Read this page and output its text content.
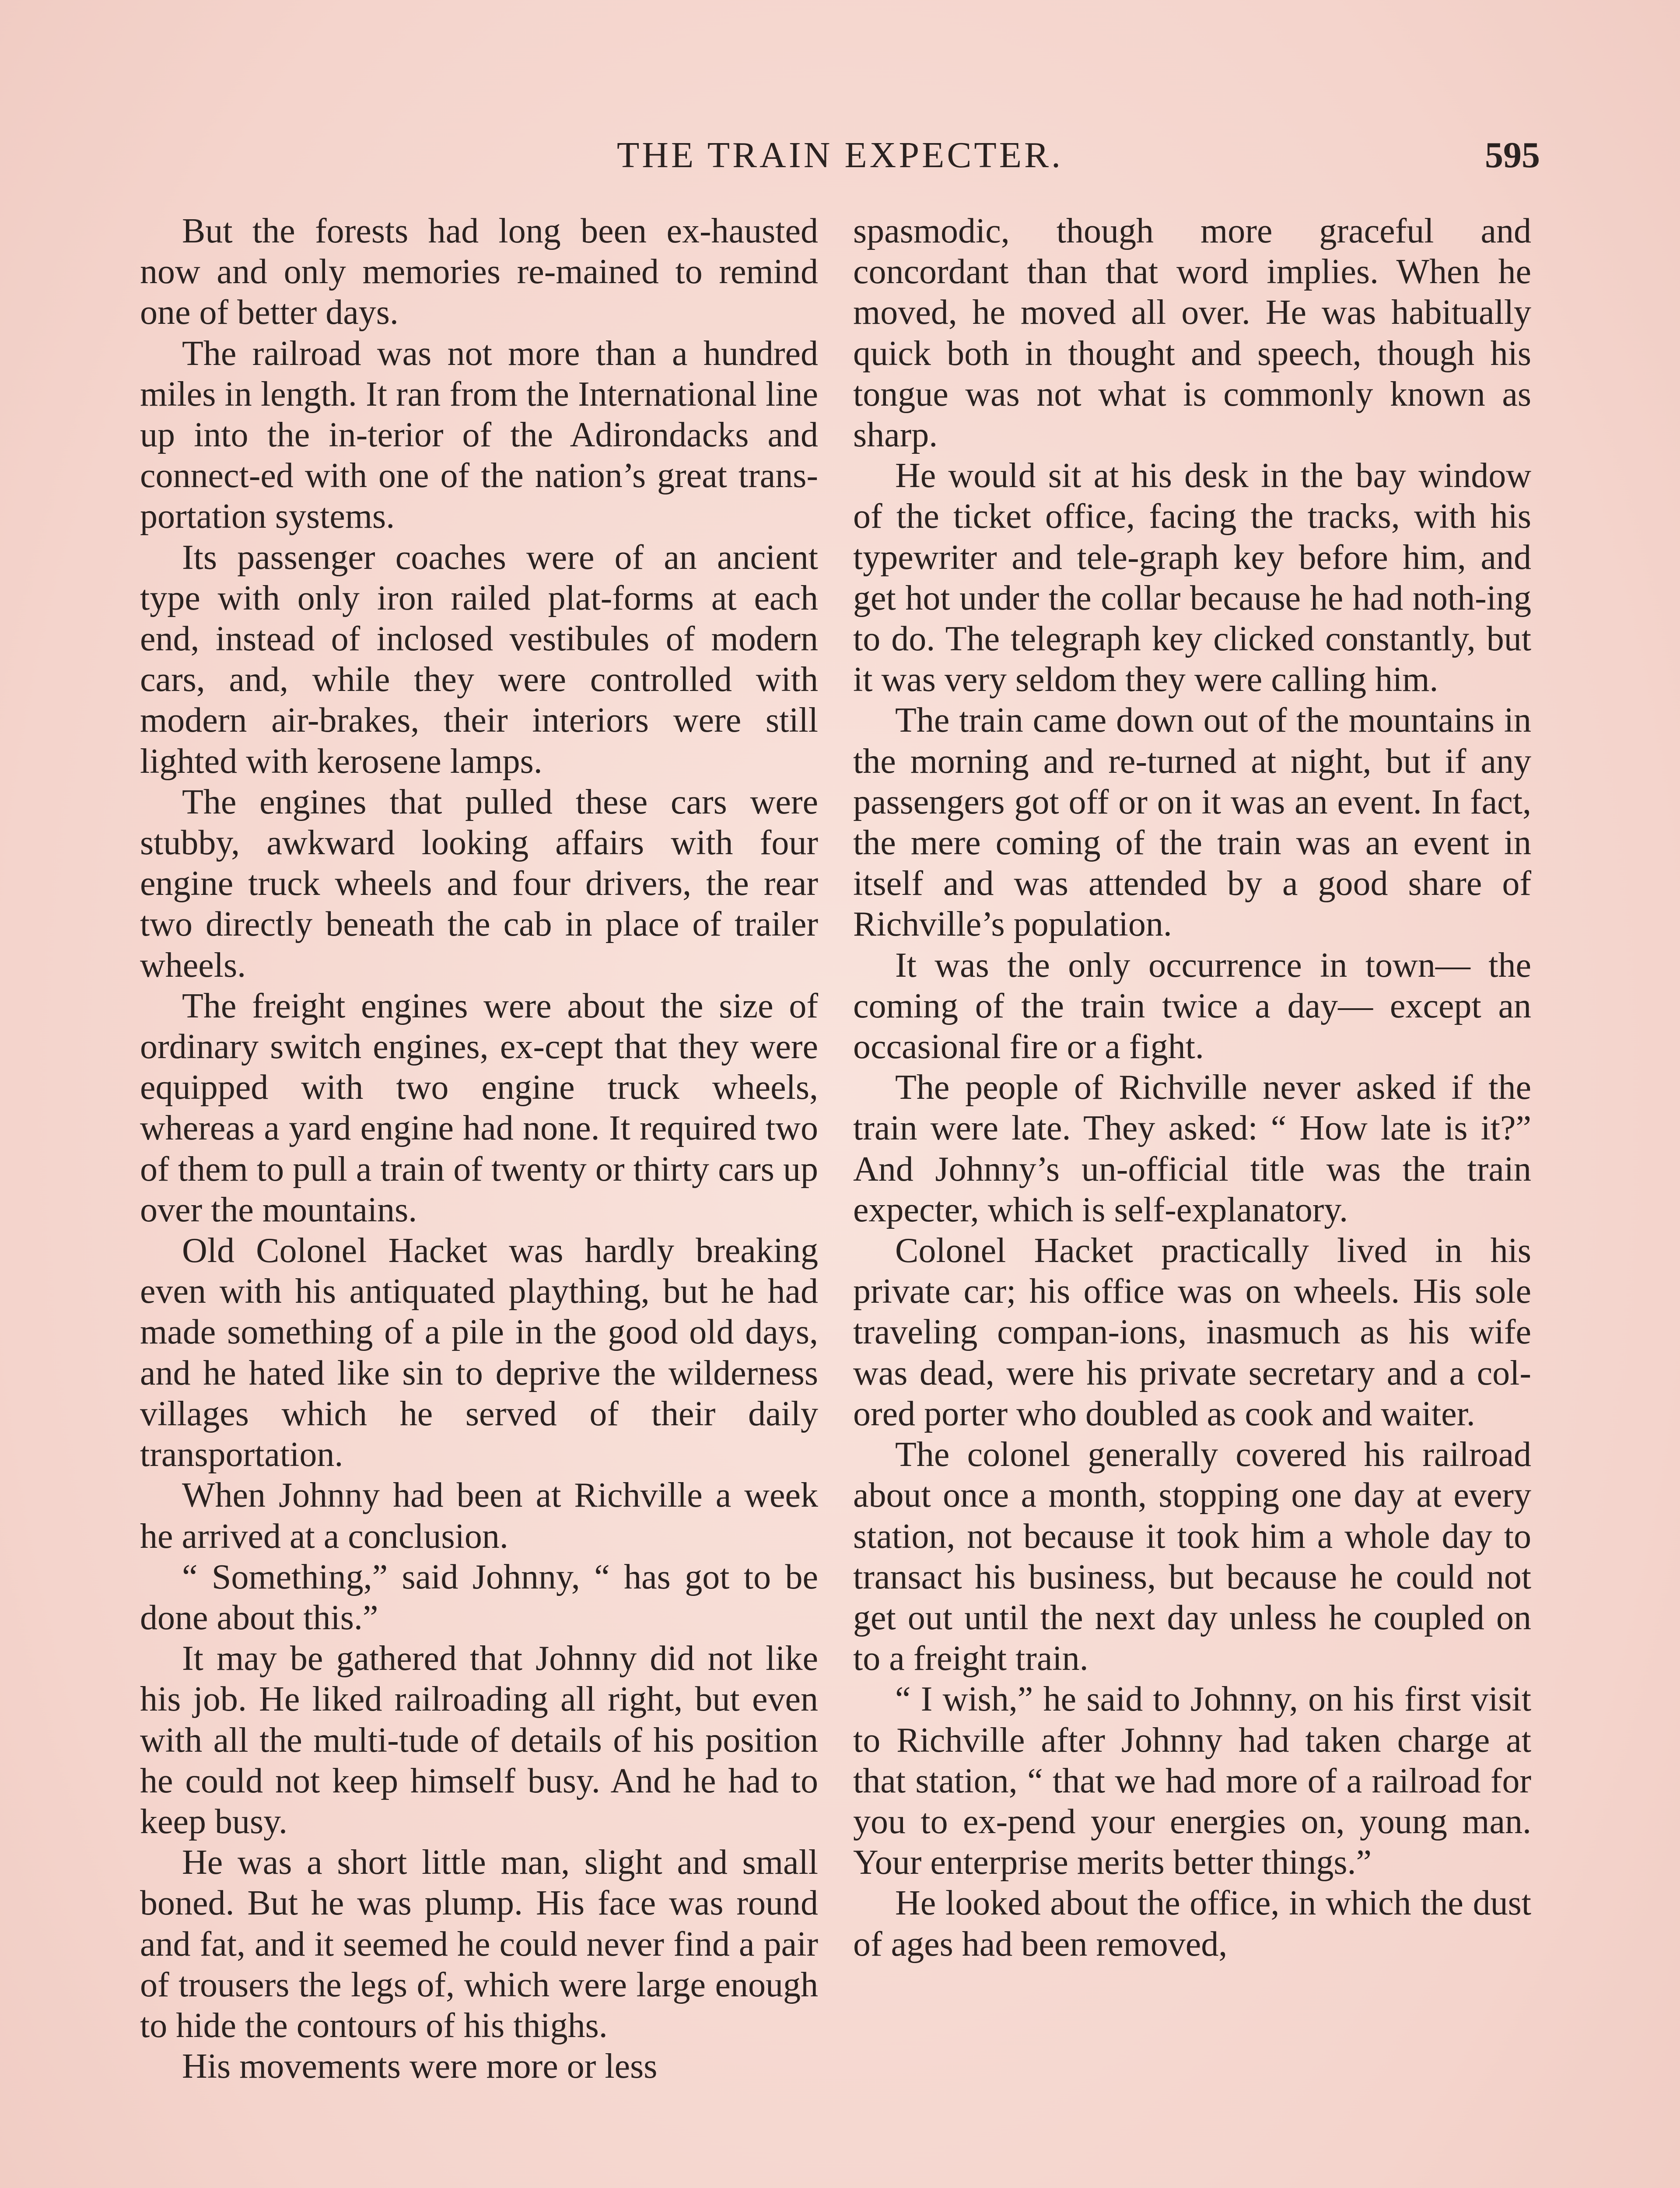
THE TRAIN EXPECTER.	595

But the forests had long been ex-hausted now and only memories re-mained to remind one of better days.

The railroad was not more than a hundred miles in length. It ran from the International line up into the in-terior of the Adirondacks and connect-ed with one of the nation’s great trans-portation systems.

Its passenger coaches were of an ancient type with only iron railed plat-forms at each end, instead of inclosed vestibules of modern cars, and, while they were controlled with modern air-brakes, their interiors were still lighted with kerosene lamps.

The engines that pulled these cars were stubby, awkward looking affairs with four engine truck wheels and four drivers, the rear two directly beneath the cab in place of trailer wheels.

The freight engines were about the size of ordinary switch engines, ex-cept that they were equipped with two engine truck wheels, whereas a yard engine had none. It required two of them to pull a train of twenty or thirty cars up over the mountains.

Old Colonel Hacket was hardly breaking even with his antiquated plaything, but he had made something of a pile in the good old days, and he hated like sin to deprive the wilderness villages which he served of their daily transportation.

When Johnny had been at Richville a week he arrived at a conclusion.

“ Something,” said Johnny, “ has got to be done about this.”

It may be gathered that Johnny did not like his job. He liked railroading all right, but even with all the multi-tude of details of his position he could not keep himself busy. And he had to keep busy.

He was a short little man, slight and small boned. But he was plump. His face was round and fat, and it seemed he could never find a pair of trousers the legs of, which were large enough to hide the contours of his thighs.

His movements were more or less

spasmodic, though more graceful and concordant than that word implies. When he moved, he moved all over. He was habitually quick both in thought and speech, though his tongue was not what is commonly known as sharp.

He would sit at his desk in the bay window of the ticket office, facing the tracks, with his typewriter and tele-graph key before him, and get hot under the collar because he had noth-ing to do. The telegraph key clicked constantly, but it was very seldom they were calling him.

The train came down out of the mountains in the morning and re-turned at night, but if any passengers got off or on it was an event. In fact, the mere coming of the train was an event in itself and was attended by a good share of Richville’s population.

It was the only occurrence in town— the coming of the train twice a day— except an occasional fire or a fight.

The people of Richville never asked if the train were late. They asked: “ How late is it?” And Johnny’s un-official title was the train expecter, which is self-explanatory.

Colonel Hacket practically lived in his private car; his office was on wheels. His sole traveling compan-ions, inasmuch as his wife was dead, were his private secretary and a col-ored porter who doubled as cook and waiter.

The colonel generally covered his railroad about once a month, stopping one day at every station, not because it took him a whole day to transact his business, but because he could not get out until the next day unless he coupled on to a freight train.

“ I wish,” he said to Johnny, on his first visit to Richville after Johnny had taken charge at that station, “ that we had more of a railroad for you to ex-pend your energies on, young man. Your enterprise merits better things.”

He looked about the office, in which the dust of ages had been removed,
